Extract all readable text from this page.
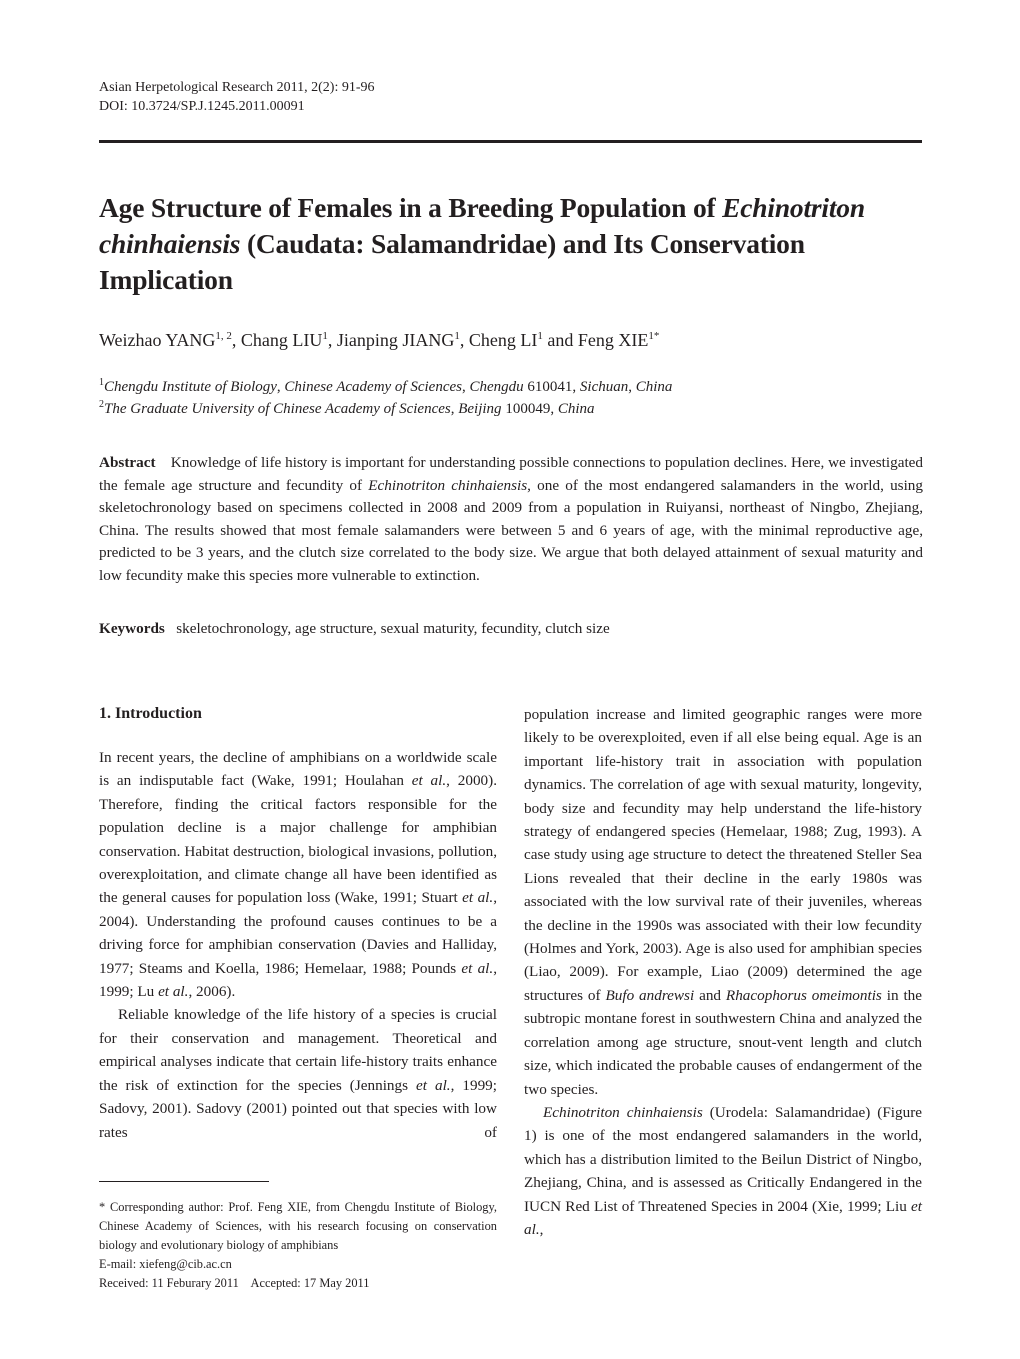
Asian Herpetological Research 2011, 2(2): 91-96
DOI: 10.3724/SP.J.1245.2011.00091
Age Structure of Females in a Breeding Population of Echinotriton chinhaiensis (Caudata: Salamandridae) and Its Conservation Implication
Weizhao YANG$^{1, 2}$, Chang LIU$^1$, Jianping JIANG$^1$, Cheng $LI^1$ and Feng $XIE^{1*}$
$^1$Chengdu Institute of Biology, Chinese Academy of Sciences, Chengdu 610041, Sichuan, China
$^2$The Graduate University of Chinese Academy of Sciences, Beijing 100049, China
Abstract Knowledge of life history is important for understanding possible connections to population declines. Here, we investigated the female age structure and fecundity of Echinotriton chinhaiensis, one of the most endangered salamanders in the world, using skeletochronology based on specimens collected in 2008 and 2009 from a population in Ruiyansi, northeast of Ningbo, Zhejiang, China. The results showed that most female salamanders were between 5 and 6 years of age, with the minimal reproductive age, predicted to be 3 years, and the clutch size correlated to the body size. We argue that both delayed attainment of sexual maturity and low fecundity make this species more vulnerable to extinction.
Keywords skeletochronology, age structure, sexual maturity, fecundity, clutch size
1. Introduction

In recent years, the decline of amphibians on a worldwide scale is an indisputable fact (Wake, 1991; Houlahan et al., 2000). Therefore, finding the critical factors responsible for the population decline is a major challenge for amphibian conservation. Habitat destruction, biological invasions, pollution, overexploitation, and climate change all have been identified as the general causes for population loss (Wake, 1991; Stuart et al., 2004). Understanding the profound causes continues to be a driving force for amphibian conservation (Davies and Halliday, 1977; Steams and Koella, 1986; Hemelaar, 1988; Pounds et al., 1999; Lu et al., 2006).

Reliable knowledge of the life history of a species is crucial for their conservation and management. Theoretical and empirical analyses indicate that certain life-history traits enhance the risk of extinction for the species (Jennings et al., 1999; Sadovy, 2001). Sadovy (2001) pointed out that species with low rates of

* Corresponding author: Prof. Feng XIE, from Chengdu Institute of Biology, Chinese Academy of Sciences, with his research focusing on conservation biology and evolutionary biology of amphibians
E-mail: xiefeng@cib.ac.cn
Received: 11 Feburary 2011    Accepted: 17 May 2011

population increase and limited geographic ranges were more likely to be overexploited, even if all else being equal. Age is an important life-history trait in association with population dynamics. The correlation of age with sexual maturity, longevity, body size and fecundity may help understand the life-history strategy of endangered species (Hemelaar, 1988; Zug, 1993). A case study using age structure to detect the threatened Steller Sea Lions revealed that their decline in the early 1980s was associated with the low survival rate of their juveniles, whereas the decline in the 1990s was associated with their low fecundity (Holmes and York, 2003). Age is also used for amphibian species (Liao, 2009). For example, Liao (2009) determined the age structures of Bufo andrewsi and Rhacophorus omeimontis in the subtropic montane forest in southwestern China and analyzed the correlation among age structure, snout-vent length and clutch size, which indicated the probable causes of endangerment of the two species.

Echinotriton chinhaiensis (Urodela: Salamandridae) (Figure 1) is one of the most endangered salamanders in the world, which has a distribution limited to the Beilun District of Ningbo, Zhejiang, China, and is assessed as Critically Endangered in the IUCN Red List of Threatened Species in 2004 (Xie, 1999; Liu et al.,
